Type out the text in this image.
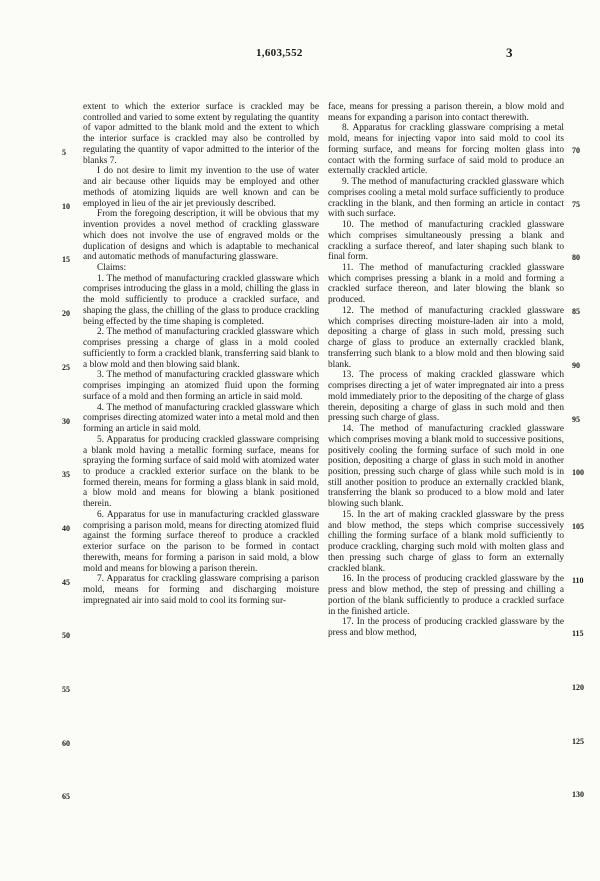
1,603,552	3

extent to which the exterior surface is crackled may be controlled and varied to some extent by regulating the quantity of vapor admitted to the blank mold and the extent to which the interior surface is crackled may also be controlled by regulating the quantity of vapor admitted to the interior of the blanks 7.

I do not desire to limit my invention to the use of water and air because other liquids may be employed and other methods of atomizing liquids are well known and can be employed in lieu of the air jet previously described.

From the foregoing description, it will be obvious that my invention provides a novel method of crackling glassware which does not involve the use of engraved molds or the duplication of designs and which is adaptable to mechanical and automatic methods of manufacturing glassware.

Claims:

1. The method of manufacturing crackled glassware which comprises introducing the glass in a mold, chilling the glass in the mold sufficiently to produce a crackled surface, and shaping the glass, the chilling of the glass to produce crackling being effected by the time shaping is completed.

2. The method of manufacturing crackled glassware which comprises pressing a charge of glass in a mold cooled sufficiently to form a crackled blank, transferring said blank to a blow mold and then blowing said blank.

3. The method of manufacturing crackled glassware which comprises impinging an atomized fluid upon the forming surface of a mold and then forming an article in said mold.

4. The method of manufacturing crackled glassware which comprises directing atomized water into a metal mold and then forming an article in said mold.

5. Apparatus for producing crackled glassware comprising a blank mold having a metallic forming surface, means for spraying the forming surface of said mold with atomized water to produce a crackled exterior surface on the blank to be formed therein, means for forming a glass blank in said mold, a blow mold and means for blowing a blank positioned therein.

6. Apparatus for use in manufacturing crackled glassware comprising a parison mold, means for directing atomized fluid against the forming surface thereof to produce a crackled exterior surface on the parison to be formed in contact therewith, means for forming a parison in said mold, a blow mold and means for blowing a parison therein.

7. Apparatus for crackling glassware comprising a parison mold, means for forming and discharging moisture impregnated air into said mold to cool its forming sur-

face, means for pressing a parison therein, a blow mold and means for expanding a parison into contact therewith.

8. Apparatus for crackling glassware comprising a metal mold, means for injecting vapor into said mold to cool its forming surface, and means for forcing molten glass into contact with the forming surface of said mold to produce an externally crackled article.

9. The method of manufacturing crackled glassware which comprises cooling a metal mold surface sufficiently to produce crackling in the blank, and then forming an article in contact with such surface.

10. The method of manufacturing crackled glassware which comprises simultaneously pressing a blank and crackling a surface thereof, and later shaping such blank to final form.

11. The method of manufacturing crackled glassware which comprises pressing a blank in a mold and forming a crackled surface thereon, and later blowing the blank so produced.

12. The method of manufacturing crackled glassware which comprises directing moisture-laden air into a mold, depositing a charge of glass in such mold, pressing such charge of glass to produce an externally crackled blank, transferring such blank to a blow mold and then blowing said blank.

13. The process of making crackled glassware which comprises directing a jet of water impregnated air into a press mold immediately prior to the depositing of the charge of glass therein, depositing a charge of glass in such mold and then pressing such charge of glass.

14. The method of manufacturing crackled glassware which comprises moving a blank mold to successive positions, positively cooling the forming surface of such mold in one position, depositing a charge of glass in such mold in another position, pressing such charge of glass while such mold is in still another position to produce an externally crackled blank, transferring the blank so produced to a blow mold and later blowing such blank.

15. In the art of making crackled glassware by the press and blow method, the steps which comprise successively chilling the forming surface of a blank mold sufficiently to produce crackling, charging such mold with molten glass and then pressing such charge of glass to form an externally crackled blank.

16. In the process of producing crackled glassware by the press and blow method, the step of pressing and chilling a portion of the blank sufficiently to produce a crackled surface in the finished article.

17. In the process of producing crackled glassware by the press and blow method,

5
10
15
20
25
30
35
40
45
50
55
60
65
70
75
80
85
90
95
100
105
110
115
120
125
130
